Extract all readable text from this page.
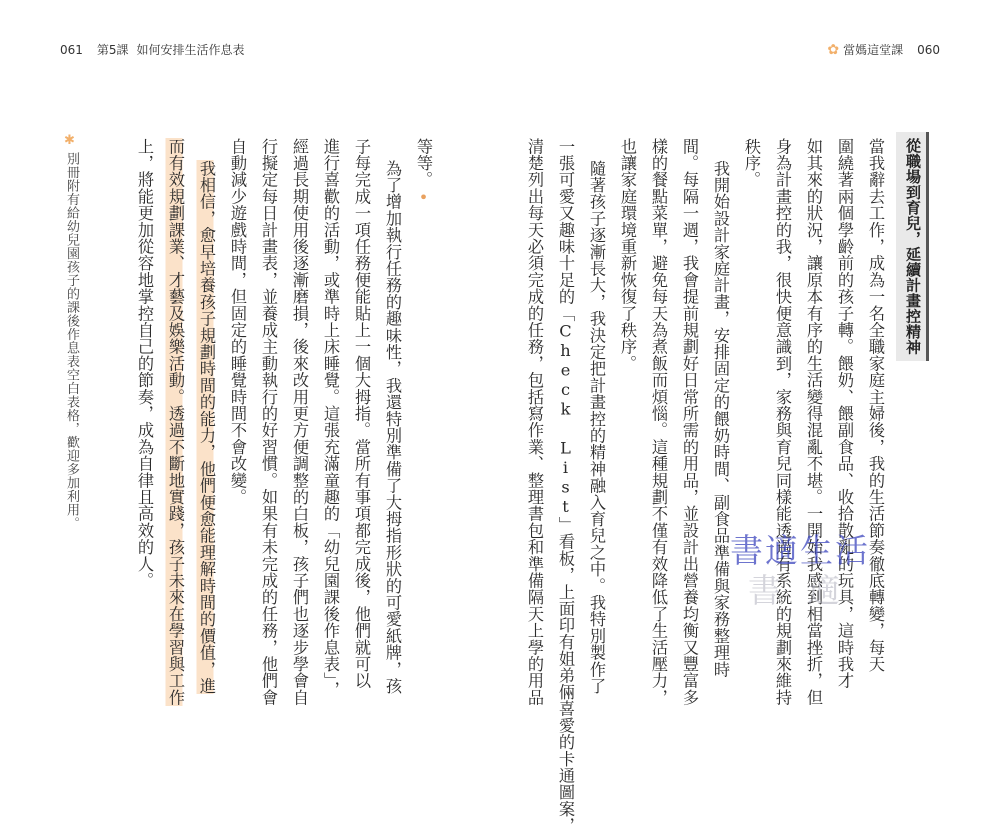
061 第5課 如何安排生活作息表	✿ 當媽這堂課 060
從職場到育兒，延續計畫控精神
當我辭去工作，成為一名全職家庭主婦後，我的生活節奏徹底轉變，每天
圍繞著兩個學齡前的孩子轉。餵奶、餵副食品、收拾散亂的玩具，這時我才
如其來的狀況，讓原本有序的生活變得混亂不堪。一開始我感到相當挫折，但
身為計畫控的我，很快便意識到，家務與育兒同樣能透過有系統的規劃來維持
秩序。
我開始設計家庭計畫，安排固定的餵奶時間、副食品準備與家務整理時
間。每隔一週，我會提前規劃好日常所需的用品，並設計出營養均衡又豐富多
樣的餐點菜單，避免每天為煮飯而煩惱。這種規劃不僅有效降低了生活壓力，
也讓家庭環境重新恢復了秩序。
隨著孩子逐漸長大，我決定把計畫控的精神融入育兒之中。我特別製作了
一張可愛又趣味十足的「Check List」看板，上面印有姐弟倆喜愛的卡通圖案，
清楚列出每天必須完成的任務，包括寫作業、整理書包和準備隔天上學的用品
等等。•
為了增加執行任務的趣味性，我還特別準備了大拇指形狀的可愛紙牌，孩
子每完成一項任務便能貼上一個大拇指。當所有事項都完成後，他們就可以
進行喜歡的活動，或準時上床睡覺。這張充滿童趣的「幼兒園課後作息表」，
經過長期使用後逐漸磨損，後來改用更方便調整的白板，孩子們也逐步學會自
行擬定每日計畫表，並養成主動執行的好習慣。如果有未完成的任務，他們會
自動減少遊戲時間，但固定的睡覺時間不會改變。
我相信，愈早培養孩子規劃時間的能力，他們便愈能理解時間的價值，進
而有效規劃課業、才藝及娛樂活動。透過不斷地實踐，孩子未來在學習與工作
上，將能更加從容地掌控自己的節奏，成為自律且高效的人。
✱
別冊附有給幼兒園孩子的課後作息表空白表格，歡迎多加利用。
書適生活
書適
